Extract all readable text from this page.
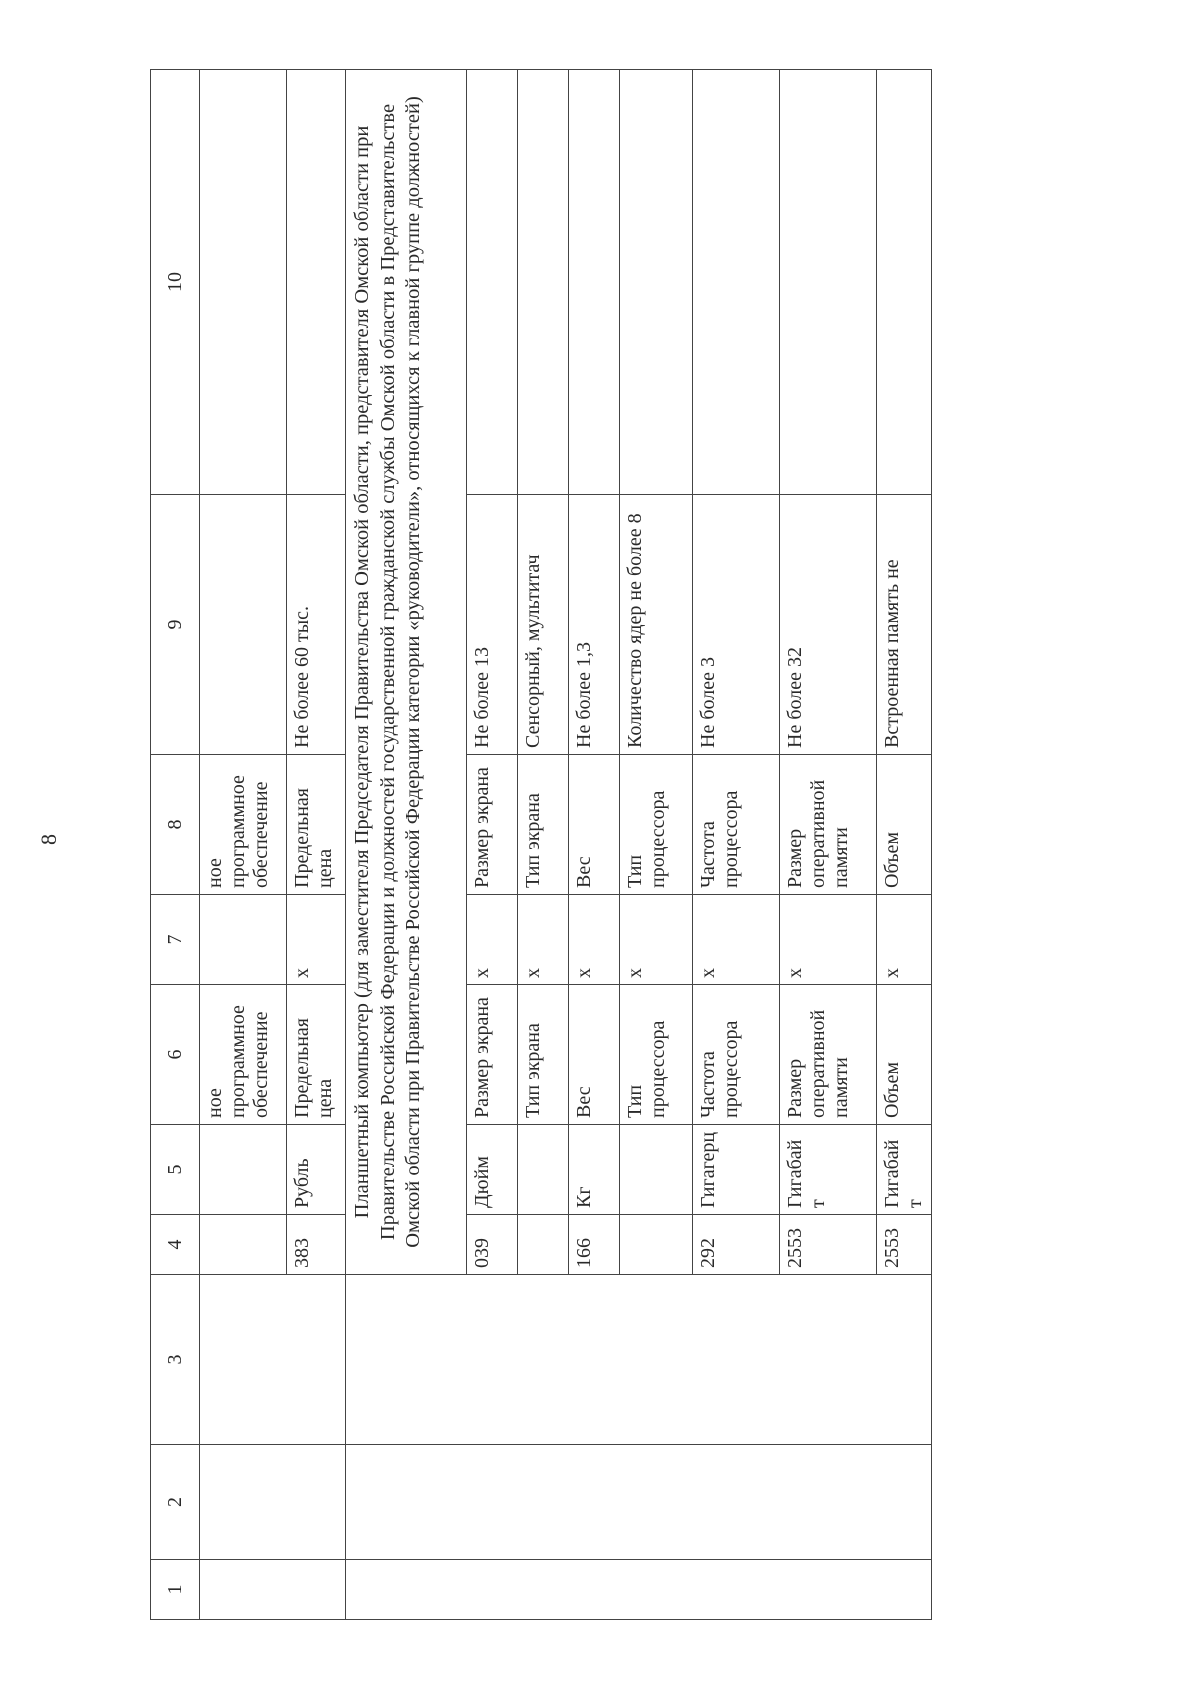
8
1	2	3	4	5	6	7	8	9	10
					ное программное обеспечение		ное программное обеспечение		
			383	Рубль	Предельная цена	x	Предельная цена	Не более 60 тыс.	
			Планшетный компьютер (для заместителя Председателя Правительства Омской области, представителя Омской области при Правительстве Российской Федерации и должностей государственной гражданской службы Омской области в Представительстве Омской области при Правительстве Российской Федерации категории «руководители», относящихся к главной группе должностей)						
			039	Дюйм	Размер экрана	x	Размер экрана	Не более 13	
					Тип экрана	x	Тип экрана	Сенсорный, мультитач	
			166	Кг	Вес	x	Вес	Не более 1,3	
					Тип процессора	x	Тип процессора	Количество ядер не более 8	
			292	Гигагерц	Частота процессора	x	Частота процессора	Не более 3	
			2553	Гигабайт	Размер оперативной памяти	x	Размер оперативной памяти	Не более 32	
			2553	Гигабайт	Объем	x	Объем	Встроенная память не	
